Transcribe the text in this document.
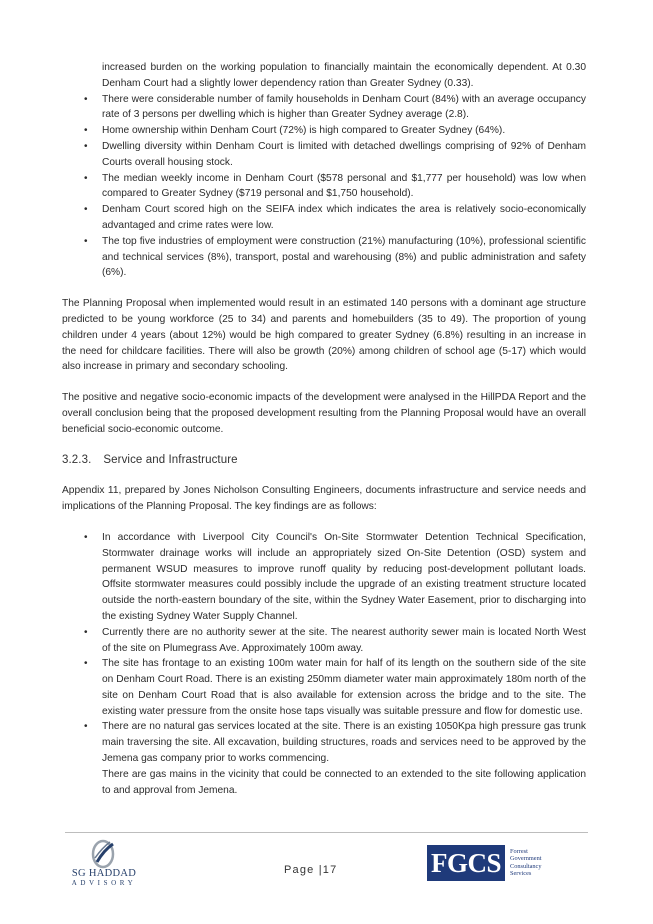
increased burden on the working population to financially maintain the economically dependent. At 0.30 Denham Court had a slightly lower dependency ration than Greater Sydney (0.33).
• There were considerable number of family households in Denham Court (84%) with an average occupancy rate of 3 persons per dwelling which is higher than Greater Sydney average (2.8).
• Home ownership within Denham Court (72%) is high compared to Greater Sydney (64%).
• Dwelling diversity within Denham Court is limited with detached dwellings comprising of 92% of Denham Courts overall housing stock.
• The median weekly income in Denham Court ($578 personal and $1,777 per household) was low when compared to Greater Sydney ($719 personal and $1,750 household).
• Denham Court scored high on the SEIFA index which indicates the area is relatively socio-economically advantaged and crime rates were low.
• The top five industries of employment were construction (21%) manufacturing (10%), professional scientific and technical services (8%), transport, postal and warehousing (8%) and public administration and safety (6%).

The Planning Proposal when implemented would result in an estimated 140 persons with a dominant age structure predicted to be young workforce (25 to 34) and parents and homebuilders (35 to 49). The proportion of young children under 4 years (about 12%) would be high compared to greater Sydney (6.8%) resulting in an increase in the need for childcare facilities. There will also be growth (20%) among children of school age (5-17) which would also increase in primary and secondary schooling.

The positive and negative socio-economic impacts of the development were analysed in the HillPDA Report and the overall conclusion being that the proposed development resulting from the Planning Proposal would have an overall beneficial socio-economic outcome.

3.2.3. Service and Infrastructure

Appendix 11, prepared by Jones Nicholson Consulting Engineers, documents infrastructure and service needs and implications of the Planning Proposal. The key findings are as follows:

• In accordance with Liverpool City Council's On-Site Stormwater Detention Technical Specification, Stormwater drainage works will include an appropriately sized On-Site Detention (OSD) system and permanent WSUD measures to improve runoff quality by reducing post-development pollutant loads. Offsite stormwater measures could possibly include the upgrade of an existing treatment structure located outside the north-eastern boundary of the site, within the Sydney Water Easement, prior to discharging into the existing Sydney Water Supply Channel.
• Currently there are no authority sewer at the site. The nearest authority sewer main is located North West of the site on Plumegrass Ave. Approximately 100m away.
• The site has frontage to an existing 100m water main for half of its length on the southern side of the site on Denham Court Road. There is an existing 250mm diameter water main approximately 180m north of the site on Denham Court Road that is also available for extension across the bridge and to the site. The existing water pressure from the onsite hose taps visually was suitable pressure and flow for domestic use.
• There are no natural gas services located at the site. There is an existing 1050Kpa high pressure gas trunk main traversing the site. All excavation, building structures, roads and services need to be approved by the Jemena gas company prior to works commencing.
There are gas mains in the vicinity that could be connected to an extended to the site following application to and approval from Jemena.
SG HADDAD
ADVISORY
Page |17	FGCS	Forrest
Government
Consultancy
Services
